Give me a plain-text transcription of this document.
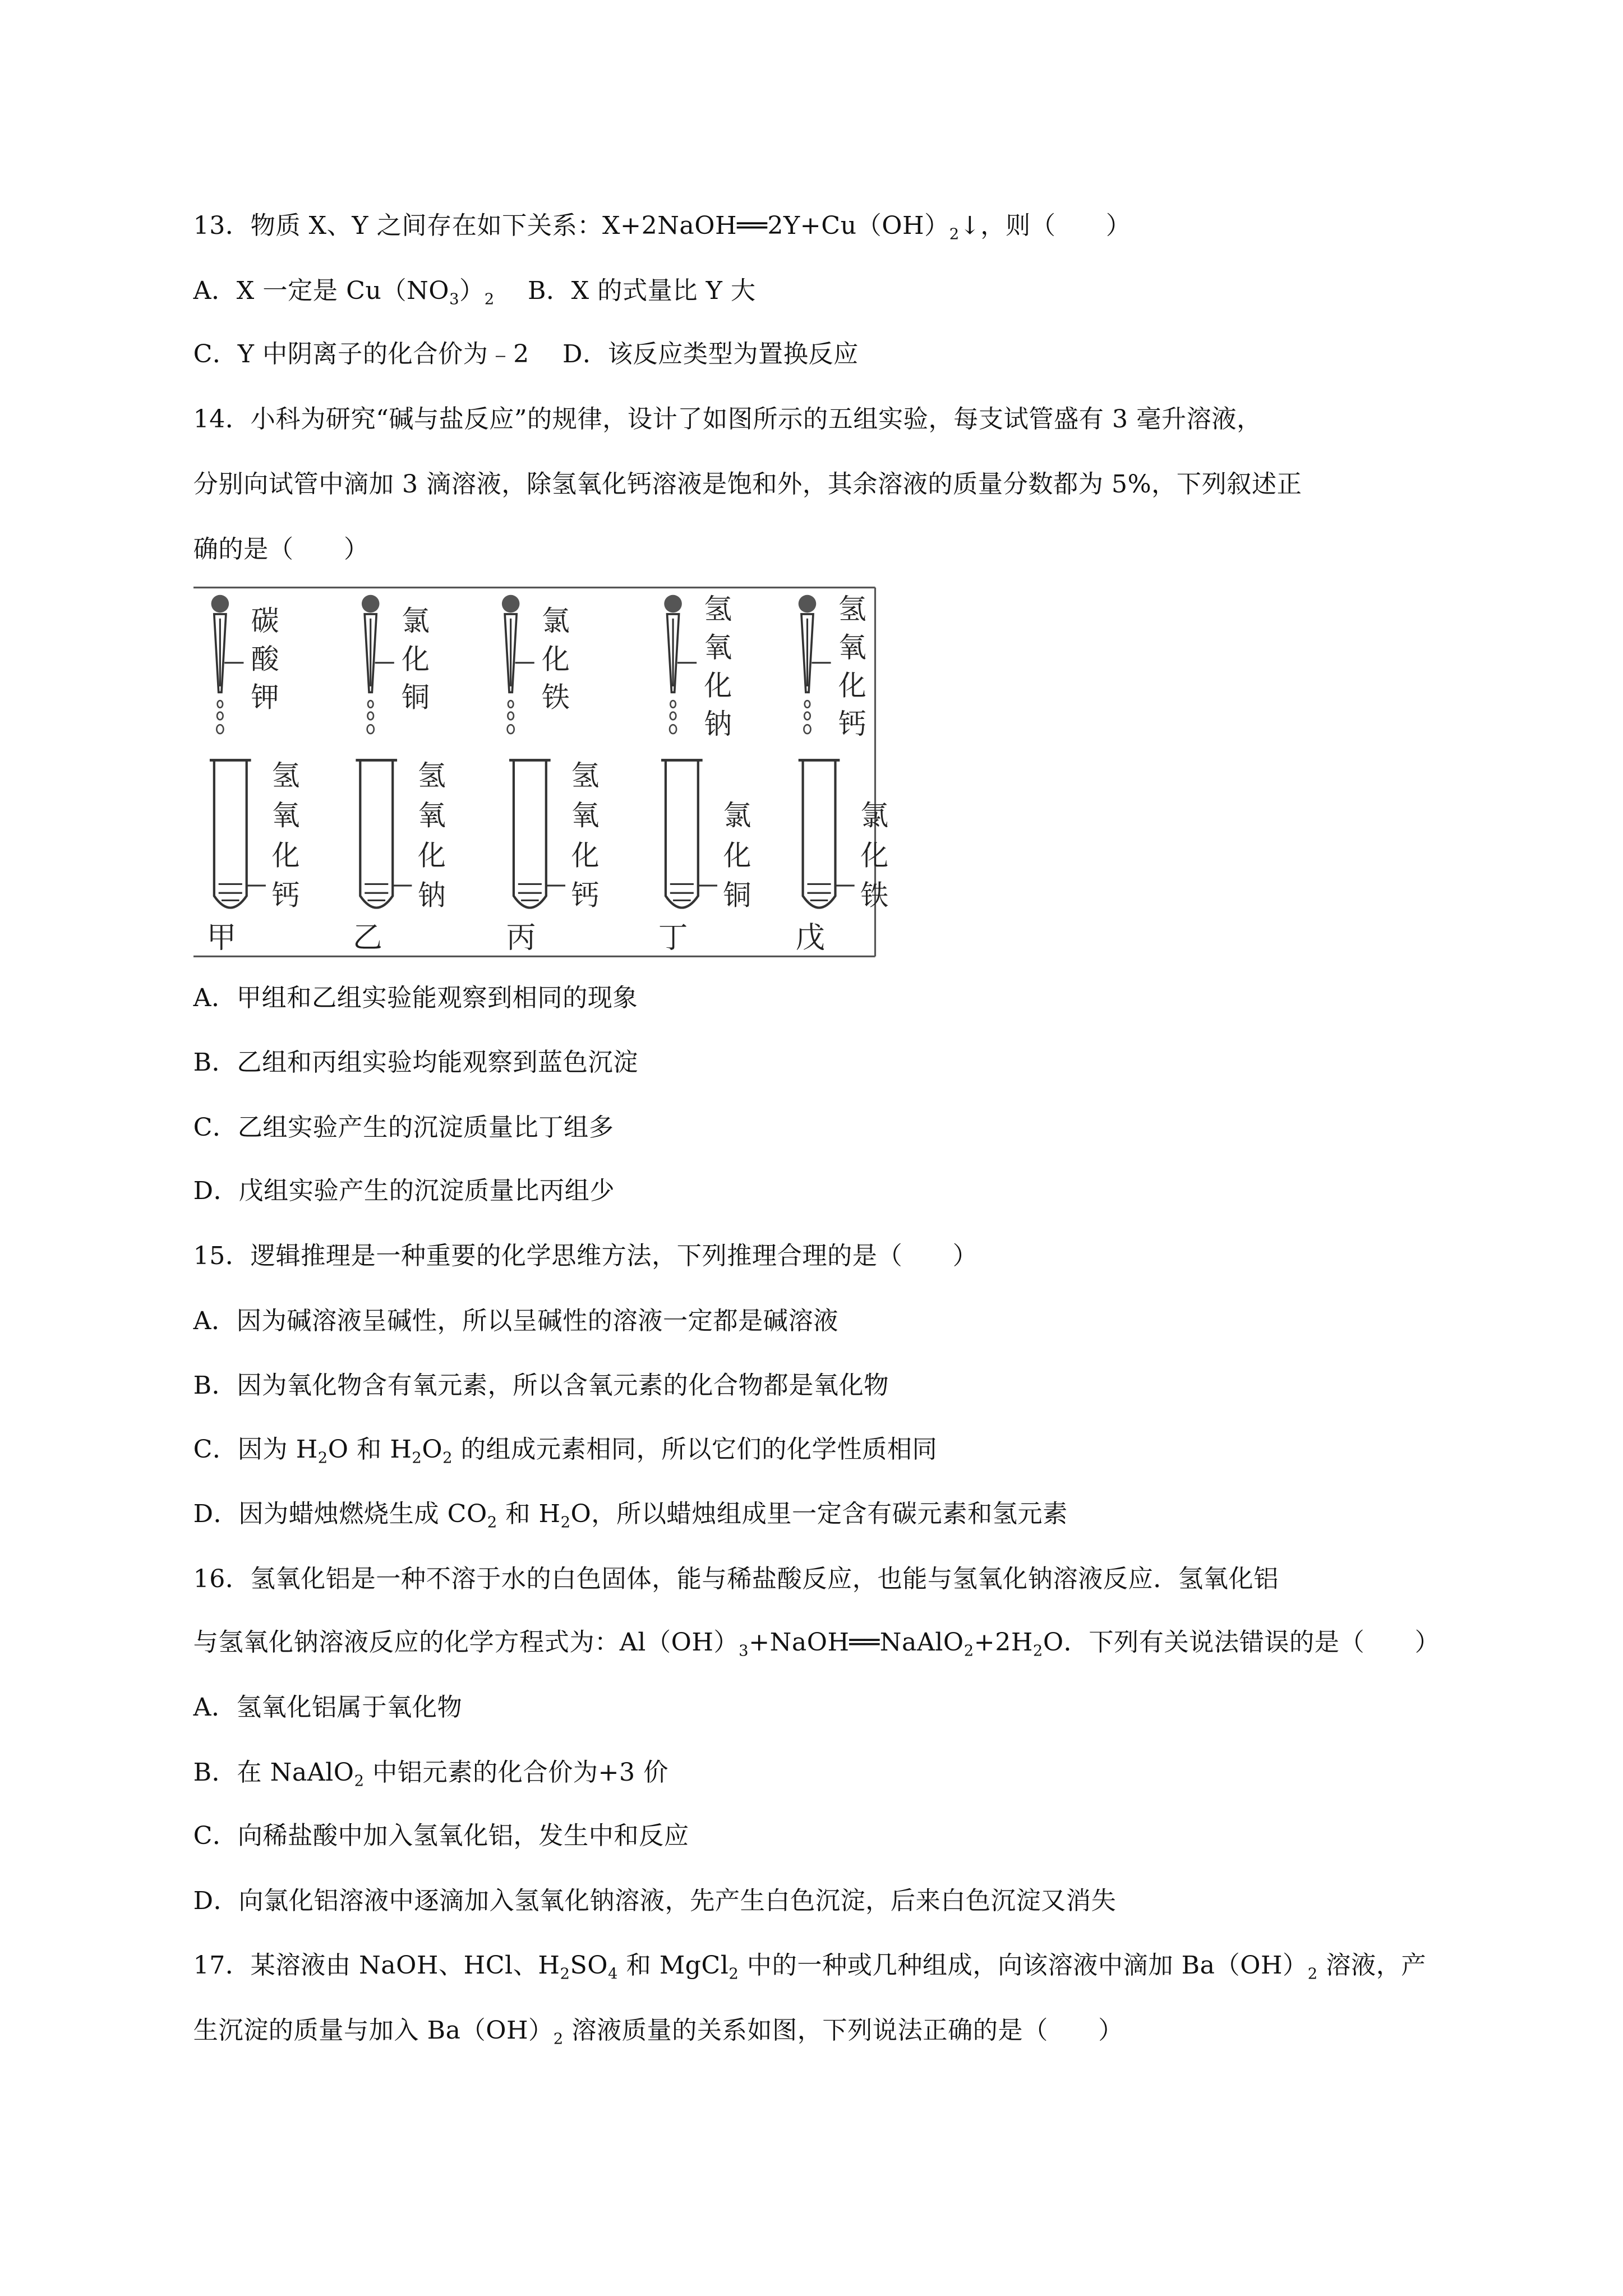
13．物质 X、Y 之间存在如下关系：$X+2NaOH══2Y+Cu(OH)_2↓$，则（　　）
A．X 一定是 $Cu(NO_3)_2$　 B．X 的式量比 Y 大
C．Y 中阴离子的化合价为﹣2　 D．该反应类型为置换反应
14．小科为研究“碱与盐反应”的规律，设计了如图所示的五组实验，每支试管盛有 3 毫升溶液，
分别向试管中滴加 3 滴溶液，除氢氧化钙溶液是饱和外，其余溶液的质量分数都为 5%，下列叙述正
确的是（　　）
碳
酸
钾
氢
氧
化
钙
甲
氯
化
铜
氢
氧
化
钠
乙
氯
化
铁
氢
氧
化
钙
丙
氢
氧
化
钠
氯
化
铜
丁
氢
氧
化
钙
氯
化
铁
戊
A．甲组和乙组实验能观察到相同的现象
B．乙组和丙组实验均能观察到蓝色沉淀
C．乙组实验产生的沉淀质量比丁组多
D．戊组实验产生的沉淀质量比丙组少
15．逻辑推理是一种重要的化学思维方法，下列推理合理的是（　　）
A．因为碱溶液呈碱性，所以呈碱性的溶液一定都是碱溶液
B．因为氧化物含有氧元素，所以含氧元素的化合物都是氧化物
C．因为 $H_2O$ 和 $H_2O_2$ 的组成元素相同，所以它们的化学性质相同
D．因为蜡烛燃烧生成 $CO_2$ 和 $H_2O$，所以蜡烛组成里一定含有碳元素和氢元素
16．氢氧化铝是一种不溶于水的白色固体，能与稀盐酸反应，也能与氢氧化钠溶液反应．氢氧化铝
与氢氧化钠溶液反应的化学方程式为：$Al(OH)_3+NaOH══NaAlO_2+2H_2O$．下列有关说法错误的是（　　）
A．氢氧化铝属于氧化物
B．在 NaAlO$_2$ 中铝元素的化合价为+3 价
C．向稀盐酸中加入氢氧化铝，发生中和反应
D．向氯化铝溶液中逐滴加入氢氧化钠溶液，先产生白色沉淀，后来白色沉淀又消失
17．某溶液由 NaOH、HCl、$H_2SO_4$ 和 MgCl$_2$ 中的一种或几种组成，向该溶液中滴加 $Ba(OH)_2$ 溶液，产
生沉淀的质量与加入 $Ba(OH)_2$ 溶液质量的关系如图，下列说法正确的是（　　）
